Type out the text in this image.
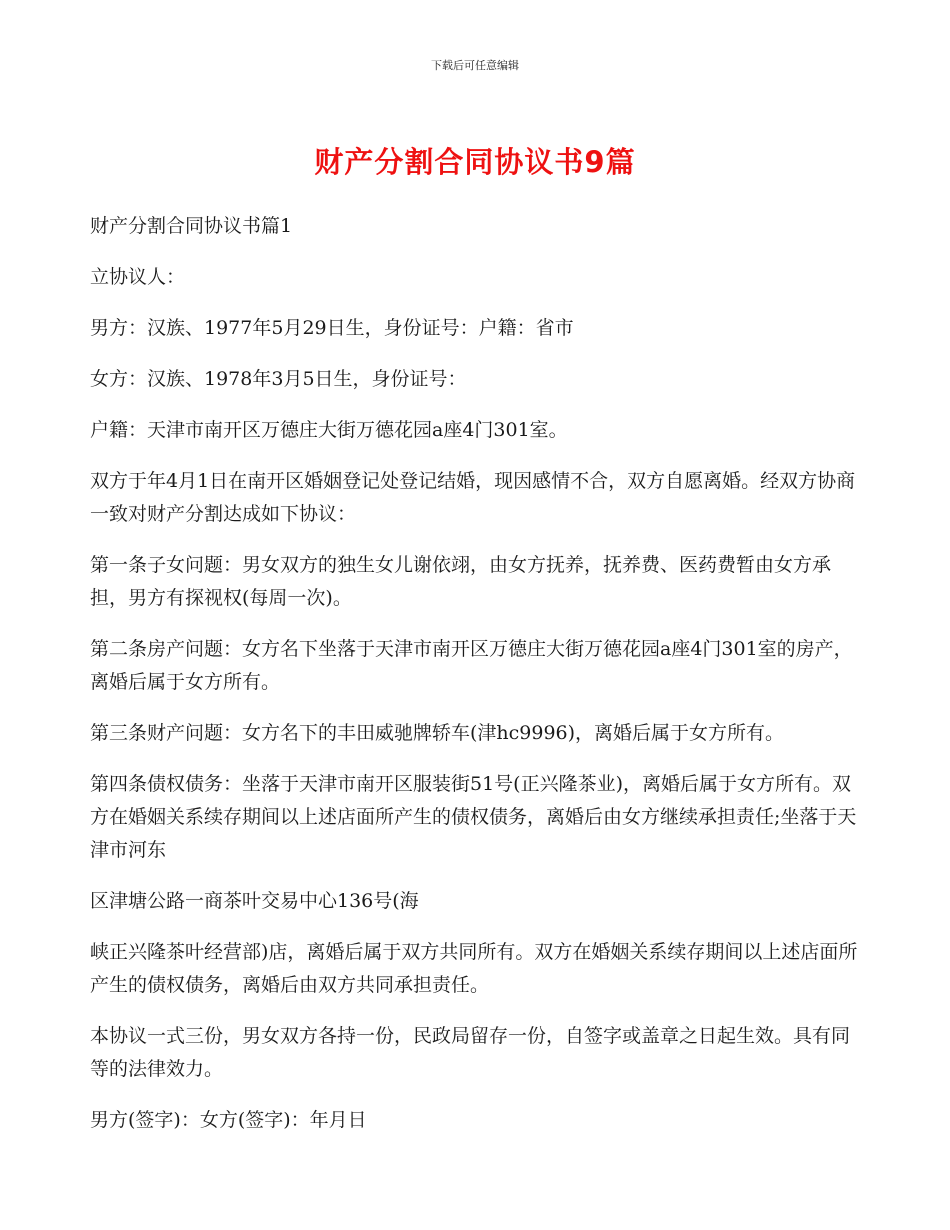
下载后可任意编辑
财产分割合同协议书9篇

财产分割合同协议书篇1

立协议人：

男方：汉族、1977年5月29日生，身份证号：户籍：省市

女方：汉族、1978年3月5日生，身份证号：

户籍：天津市南开区万德庄大街万德花园a座4门301室。

双方于年4月1日在南开区婚姻登记处登记结婚，现因感情不合，双方自愿离婚。经双方协商一致对财产分割达成如下协议：

第一条子女问题：男女双方的独生女儿谢依翊，由女方抚养，抚养费、医药费暂由女方承担，男方有探视权(每周一次)。

第二条房产问题：女方名下坐落于天津市南开区万德庄大街万德花园a座4门301室的房产，离婚后属于女方所有。

第三条财产问题：女方名下的丰田威驰牌轿车(津hc9996)，离婚后属于女方所有。

第四条债权债务：坐落于天津市南开区服装街51号(正兴隆茶业)，离婚后属于女方所有。双方在婚姻关系续存期间以上述店面所产生的债权债务，离婚后由女方继续承担责任;坐落于天津市河东

区津塘公路一商茶叶交易中心136号(海

峡正兴隆茶叶经营部)店，离婚后属于双方共同所有。双方在婚姻关系续存期间以上述店面所产生的债权债务，离婚后由双方共同承担责任。

本协议一式三份，男女双方各持一份，民政局留存一份，自签字或盖章之日起生效。具有同等的法律效力。

男方(签字)：女方(签字)：年月日
